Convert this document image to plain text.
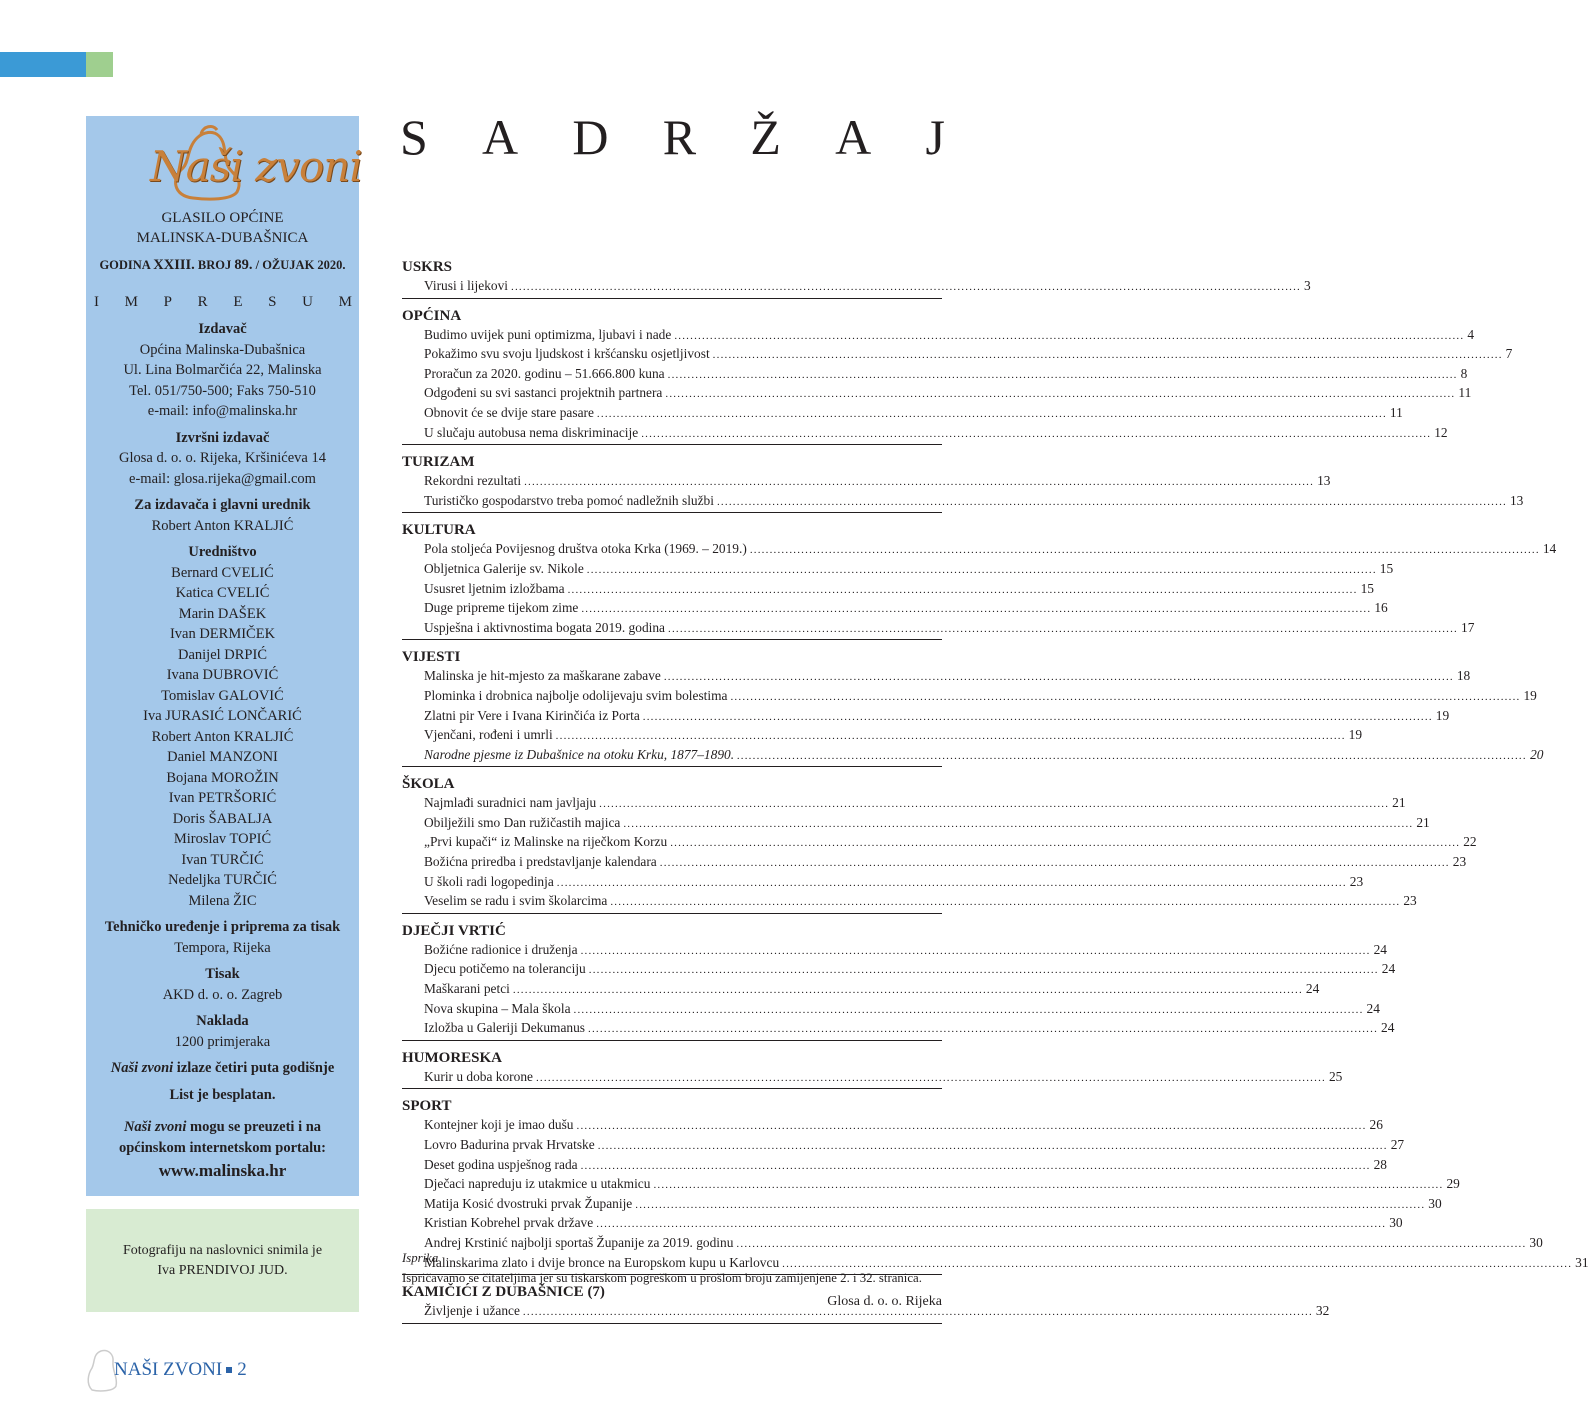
Naši zvoni
GLASILO OPĆINE
MALINSKA-DUBAŠNICA
GODINA XXIII. BROJ 89. / OŽUJAK 2020.
I M P R E S U M
Izdavač
Općina Malinska-Dubašnica
Ul. Lina Bolmarčića 22, Malinska
Tel. 051/750-500; Faks 750-510
e-mail: info@malinska.hr
Izvršni izdavač
Glosa d. o. o. Rijeka, Kršinićeva 14
e-mail: glosa.rijeka@gmail.com
Za izdavača i glavni urednik
Robert Anton KRALJIĆ
Uredništvo
Bernard CVELIĆ
Katica CVELIĆ
Marin DAŠEK
Ivan DERMIČEK
Danijel DRPIĆ
Ivana DUBROVIĆ
Tomislav GALOVIĆ
Iva JURASIĆ LONČARIĆ
Robert Anton KRALJIĆ
Daniel MANZONI
Bojana MOROŽIN
Ivan PETRŠORIĆ
Doris ŠABALJA
Miroslav TOPIĆ
Ivan TURČIĆ
Nedeljka TURČIĆ
Milena ŽIC
Tehničko uređenje i priprema za tisak
Tempora, Rijeka
Tisak
AKD d. o. o. Zagreb
Naklada
1200 primjeraka
Naši zvoni izlaze četiri puta godišnje
List je besplatan.
Naši zvoni mogu se preuzeti i na
općinskom internetskom portalu:
www.malinska.hr
Fotografiju na naslovnici snimila je
Iva PRENDIVOJ JUD.
NAŠI ZVONI 2
S A D R Ž A J
USKRS
Virusi i lijekovi ........................................................................................................................................................................................................ 3
OPĆINA
Budimo uvijek puni optimizma, ljubavi i nade ........................................................................................................................................................................................................ 4
Pokažimo svu svoju ljudskost i kršćansku osjetljivost ........................................................................................................................................................................................................ 7
Proračun za 2020. godinu – 51.666.800 kuna ........................................................................................................................................................................................................ 8
Odgođeni su svi sastanci projektnih partnera ........................................................................................................................................................................................................ 11
Obnovit će se dvije stare pasare ........................................................................................................................................................................................................ 11
U slučaju autobusa nema diskriminacije ........................................................................................................................................................................................................ 12
TURIZAM
Rekordni rezultati ........................................................................................................................................................................................................ 13
Turističko gospodarstvo treba pomoć nadležnih službi ........................................................................................................................................................................................................ 13
KULTURA
Pola stoljeća Povijesnog društva otoka Krka (1969. – 2019.) ........................................................................................................................................................................................................ 14
Obljetnica Galerije sv. Nikole ........................................................................................................................................................................................................ 15
Ususret ljetnim izložbama ........................................................................................................................................................................................................ 15
Duge pripreme tijekom zime ........................................................................................................................................................................................................ 16
Uspješna i aktivnostima bogata 2019. godina ........................................................................................................................................................................................................ 17
VIJESTI
Malinska je hit-mjesto za maškarane zabave ........................................................................................................................................................................................................ 18
Plominka i drobnica najbolje odolijevaju svim bolestima ........................................................................................................................................................................................................ 19
Zlatni pir Vere i Ivana Kirinčića iz Porta ........................................................................................................................................................................................................ 19
Vjenčani, rođeni i umrli ........................................................................................................................................................................................................ 19
Narodne pjesme iz Dubašnice na otoku Krku, 1877–1890. ........................................................................................................................................................................................................ 20
ŠKOLA
Najmlađi suradnici nam javljaju ........................................................................................................................................................................................................ 21
Obilježili smo Dan ružičastih majica ........................................................................................................................................................................................................ 21
„Prvi kupači“ iz Malinske na riječkom Korzu ........................................................................................................................................................................................................ 22
Božićna priredba i predstavljanje kalendara ........................................................................................................................................................................................................ 23
U školi radi logopedinja ........................................................................................................................................................................................................ 23
Veselim se radu i svim školarcima ........................................................................................................................................................................................................ 23
DJEČJI VRTIĆ
Božićne radionice i druženja ........................................................................................................................................................................................................ 24
Djecu potičemo na toleranciju ........................................................................................................................................................................................................ 24
Maškarani petci ........................................................................................................................................................................................................ 24
Nova skupina – Mala škola ........................................................................................................................................................................................................ 24
Izložba u Galeriji Dekumanus ........................................................................................................................................................................................................ 24
HUMORESKA
Kurir u doba korone ........................................................................................................................................................................................................ 25
SPORT
Kontejner koji je imao dušu ........................................................................................................................................................................................................ 26
Lovro Badurina prvak Hrvatske ........................................................................................................................................................................................................ 27
Deset godina uspješnog rada ........................................................................................................................................................................................................ 28
Dječaci napreduju iz utakmice u utakmicu ........................................................................................................................................................................................................ 29
Matija Kosić dvostruki prvak Županije ........................................................................................................................................................................................................ 30
Kristian Kobrehel prvak države ........................................................................................................................................................................................................ 30
Andrej Krstinić najbolji sportaš Županije za 2019. godinu ........................................................................................................................................................................................................ 30
Malinskarima zlato i dvije bronce na Europskom kupu u Karlovcu ........................................................................................................................................................................................................ 31
KAMIČIĆI Z DUBAŠNICE (7)
Življenje i užance ........................................................................................................................................................................................................ 32
Isprika
Ispričavamo se čitateljima jer su tiskarskom pogreškom u prošlom broju zamijenjene 2. i 32. stranica.
Glosa d. o. o. Rijeka
